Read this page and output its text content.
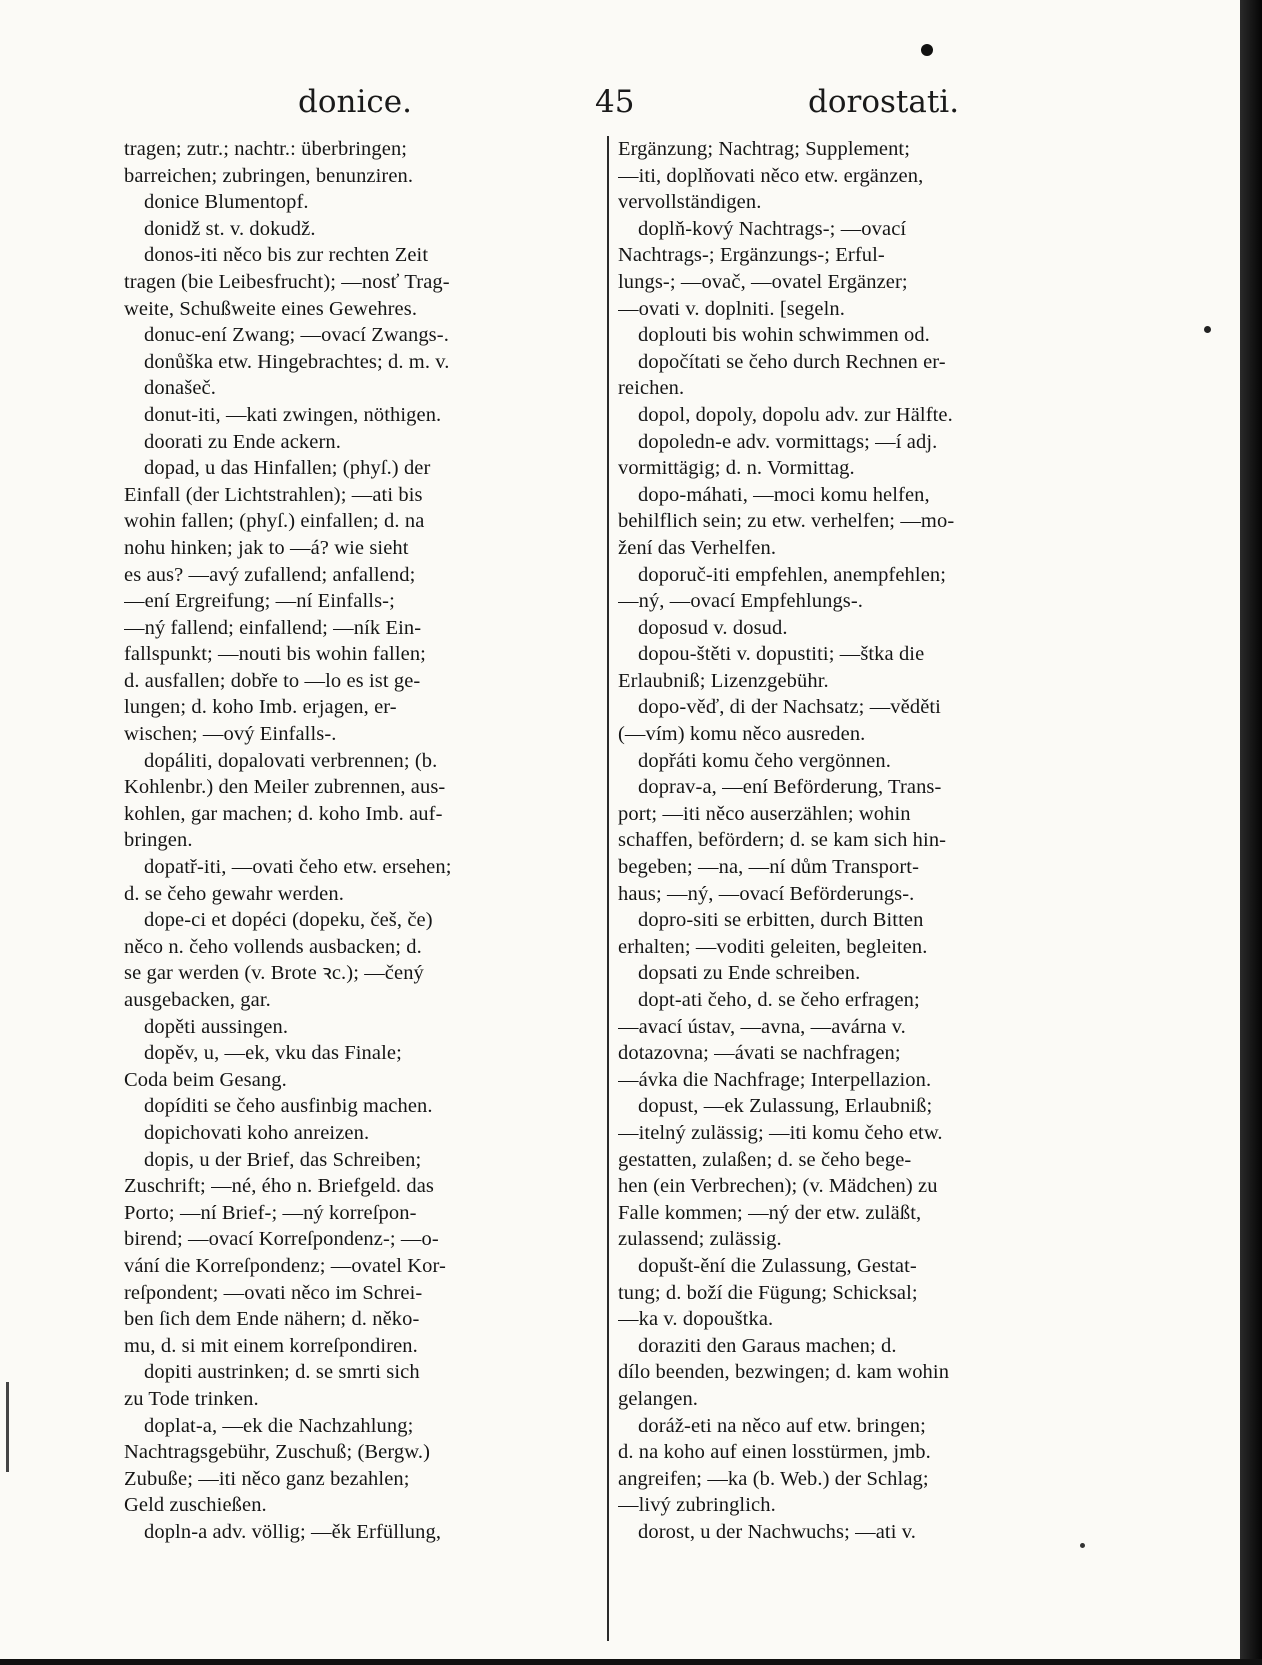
donice.	45	dorostati.
tragen; zutr.; nachtr.: überbringen;
barreichen; zubringen, benunziren.
donice Blumentopf.
donidž st. v. dokudž.
donos-iti něco bis zur rechten Zeit
tragen (bie Leibesfrucht); —nosť Trag-
weite, Schußweite eines Gewehres.
donuc-ení Zwang; —ovací Zwangs-.
donůška etw. Hingebrachtes; d. m. v.
donašeč.
donut-iti, —kati zwingen, nöthigen.
doorati zu Ende ackern.
dopad, u das Hinfallen; (phyſ.) der
Einfall (der Lichtstrahlen); —ati bis
wohin fallen; (phyſ.) einfallen; d. na
nohu hinken; jak to —á? wie sieht
es aus? —avý zufallend; anfallend;
—ení Ergreifung; —ní Einfalls-;
—ný fallend; einfallend; —ník Ein-
fallspunkt; —nouti bis wohin fallen;
d. ausfallen; dobře to —lo es ist ge-
lungen; d. koho Imb. erjagen, er-
wischen; —ový Einfalls-.
dopáliti, dopalovati verbrennen; (b.
Kohlenbr.) den Meiler zubrennen, aus-
kohlen, gar machen; d. koho Imb. auf-
bringen.
dopatř-iti, —ovati čeho etw. ersehen;
d. se čeho gewahr werden.
dope-ci et dopéci (dopeku, češ, če)
něco n. čeho vollends ausbacken; d.
se gar werden (v. Brote ꝛc.); —čený
ausgebacken, gar.
dopěti aussingen.
dopěv, u, —ek, vku das Finale;
Coda beim Gesang.
dopíditi se čeho ausfinbig machen.
dopichovati koho anreizen.
dopis, u der Brief, das Schreiben;
Zuschrift; —né, ého n. Briefgeld. das
Porto; —ní Brief-; —ný korreſpon-
birend; —ovací Korreſpondenz-; —o-
vání die Korreſpondenz; —ovatel Kor-
reſpondent; —ovati něco im Schrei-
ben ſich dem Ende nähern; d. něko-
mu, d. si mit einem korreſpondiren.
dopiti austrinken; d. se smrti sich
zu Tode trinken.
doplat-a, —ek die Nachzahlung;
Nachtragsgebühr, Zuschuß; (Bergw.)
Zubuße; —iti něco ganz bezahlen;
Geld zuschießen.
dopln-a adv. völlig; —ěk Erfüllung,
Ergänzung; Nachtrag; Supplement;
—iti, doplňovati něco etw. ergänzen,
vervollständigen.
doplň-kový Nachtrags-; —ovací
Nachtrags-; Ergänzungs-; Erful-
lungs-; —ovač, —ovatel Ergänzer;
—ovati v. doplniti. [segeln.
doplouti bis wohin schwimmen od.
dopočítati se čeho durch Rechnen er-
reichen.
dopol, dopoly, dopolu adv. zur Hälfte.
dopoledn-e adv. vormittags; —í adj.
vormittägig; d. n. Vormittag.
dopo-máhati, —moci komu helfen,
behilflich sein; zu etw. verhelfen; —mo-
žení das Verhelfen.
doporuč-iti empfehlen, anempfehlen;
—ný, —ovací Empfehlungs-.
doposud v. dosud.
dopou-štěti v. dopustiti; —štka die
Erlaubniß; Lizenzgebühr.
dopo-věď, di der Nachsatz; —věděti
(—vím) komu něco ausreden.
dopřáti komu čeho vergönnen.
doprav-a, —ení Beförderung, Trans-
port; —iti něco auserzählen; wohin
schaffen, befördern; d. se kam sich hin-
begeben; —na, —ní dům Transport-
haus; —ný, —ovací Beförderungs-.
dopro-siti se erbitten, durch Bitten
erhalten; —voditi geleiten, begleiten.
dopsati zu Ende schreiben.
dopt-ati čeho, d. se čeho erfragen;
—avací ústav, —avna, —avárna v.
dotazovna; —ávati se nachfragen;
—ávka die Nachfrage; Interpellazion.
dopust, —ek Zulassung, Erlaubniß;
—itelný zulässig; —iti komu čeho etw.
gestatten, zulaßen; d. se čeho bege-
hen (ein Verbrechen); (v. Mädchen) zu
Falle kommen; —ný der etw. zuläßt,
zulassend; zulässig.
dopušt-ění die Zulassung, Gestat-
tung; d. boží die Fügung; Schicksal;
—ka v. dopouštka.
doraziti den Garaus machen; d.
dílo beenden, bezwingen; d. kam wohin
gelangen.
doráž-eti na něco auf etw. bringen;
d. na koho auf einen losstürmen, jmb.
angreifen; —ka (b. Web.) der Schlag;
—livý zubringlich.
dorost, u der Nachwuchs; —ati v.
